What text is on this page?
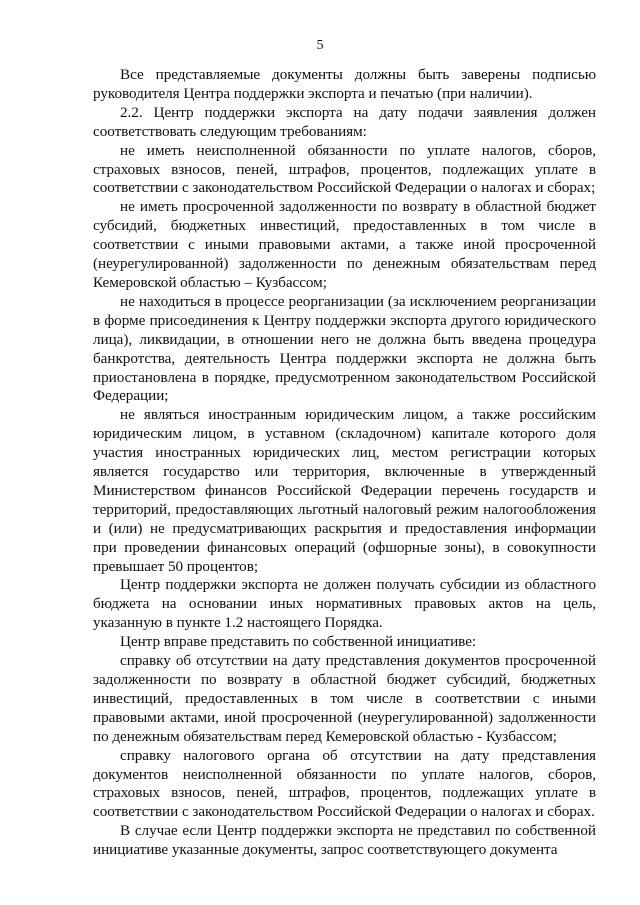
5

Все представляемые документы должны быть заверены подписью руководителя Центра поддержки экспорта и печатью (при наличии).

2.2. Центр поддержки экспорта на дату подачи заявления должен соответствовать следующим требованиям:

не иметь неисполненной обязанности по уплате налогов, сборов, страховых взносов, пеней, штрафов, процентов, подлежащих уплате в соответствии с законодательством Российской Федерации о налогах и сборах;

не иметь просроченной задолженности по возврату в областной бюджет субсидий, бюджетных инвестиций, предоставленных в том числе в соответствии с иными правовыми актами, а также иной просроченной (неурегулированной) задолженности по денежным обязательствам перед Кемеровской областью – Кузбассом;

не находиться в процессе реорганизации (за исключением реорганизации в форме присоединения к Центру поддержки экспорта другого юридического лица), ликвидации, в отношении него не должна быть введена процедура банкротства, деятельность Центра поддержки экспорта не должна быть приостановлена в порядке, предусмотренном законодательством Российской Федерации;

не являться иностранным юридическим лицом, а также российским юридическим лицом, в уставном (складочном) капитале которого доля участия иностранных юридических лиц, местом регистрации которых является государство или территория, включенные в утвержденный Министерством финансов Российской Федерации перечень государств и территорий, предоставляющих льготный налоговый режим налогообложения и (или) не предусматривающих раскрытия и предоставления информации при проведении финансовых операций (офшорные зоны), в совокупности превышает 50 процентов;

Центр поддержки экспорта не должен получать субсидии из областного бюджета на основании иных нормативных правовых актов на цель, указанную в пункте 1.2 настоящего Порядка.

Центр вправе представить по собственной инициативе:

справку об отсутствии на дату представления документов просроченной задолженности по возврату в областной бюджет субсидий, бюджетных инвестиций, предоставленных в том числе в соответствии с иными правовыми актами, иной просроченной (неурегулированной) задолженности по денежным обязательствам перед Кемеровской областью - Кузбассом;

справку налогового органа об отсутствии на дату представления документов неисполненной обязанности по уплате налогов, сборов, страховых взносов, пеней, штрафов, процентов, подлежащих уплате в соответствии с законодательством Российской Федерации о налогах и сборах.

В случае если Центр поддержки экспорта не представил по собственной инициативе указанные документы, запрос соответствующего документа
